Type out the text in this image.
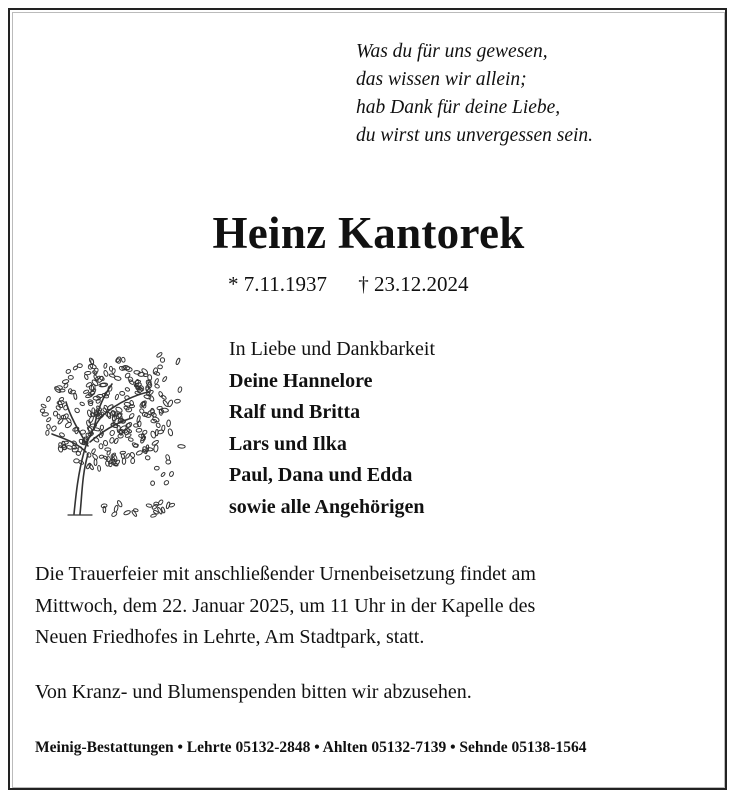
Was du für uns gewesen,
das wissen wir allein;
hab Dank für deine Liebe,
du wirst uns unvergessen sein.
Heinz Kantorek
* 7.11.1937 † 23.12.2024
In Liebe und Dankbarkeit
Deine Hannelore
Ralf und Britta
Lars und Ilka
Paul, Dana und Edda
sowie alle Angehörigen
Die Trauerfeier mit anschließender Urnenbeisetzung findet am
Mittwoch, dem 22. Januar 2025, um 11 Uhr in der Kapelle des
Neuen Friedhofes in Lehrte, Am Stadtpark, statt.
Von Kranz- und Blumenspenden bitten wir abzusehen.
Meinig-Bestattungen • Lehrte 05132-2848 • Ahlten 05132-7139 • Sehnde 05138-1564
